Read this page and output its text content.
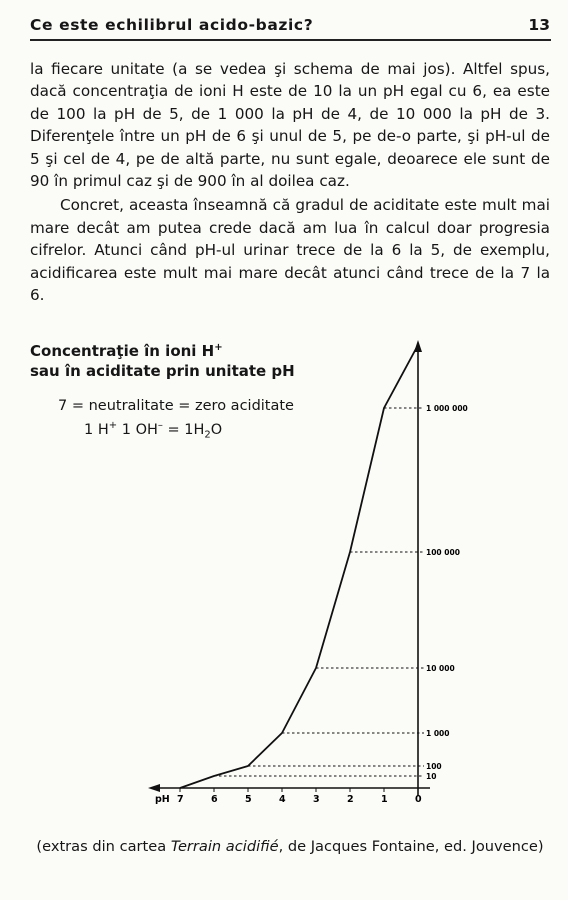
Ce este echilibrul acido-bazic?	13

la fiecare unitate (a se vedea şi schema de mai jos). Altfel spus, dacă concentraţia de ioni H este de 10 la un pH egal cu 6, ea este de 100 la pH de 5, de 1 000 la pH de 4, de 10 000 la pH de 3. Diferenţele între un pH de 6 şi unul de 5, pe de-o parte, şi pH-ul de 5 şi cel de 4, pe de altă parte, nu sunt egale, deoarece ele sunt de 90 în primul caz şi de 900 în al doilea caz.

Concret, aceasta înseamnă că gradul de aciditate este mult mai mare decât am putea crede dacă am lua în calcul doar progresia cifrelor. Atunci când pH-ul urinar trece de la 6 la 5, de exemplu, acidificarea este mult mai mare decât atunci când trece de la 7 la 6.

Concentraţie în ioni H+
sau în aciditate prin unitate pH
7 = neutralitate = zero aciditate
1 H+ 1 $OH^- = 1H_2O$
pH 7	6	5	4	3	2	1	0
1 000 000
100 000
10 000
1 000
100
10
(extras din cartea Terrain acidifié, de Jacques Fontaine, ed. Jouvence)
